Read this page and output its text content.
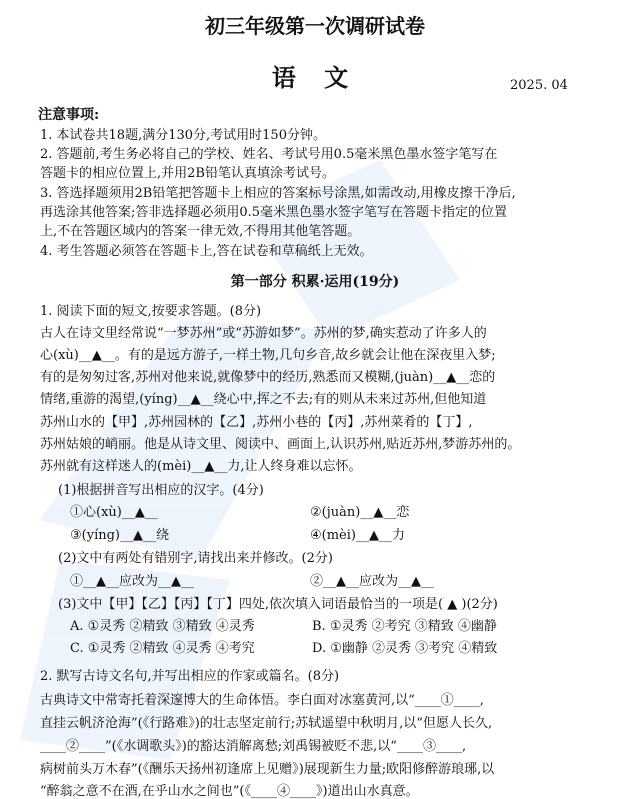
初三年级第一次调研试卷
语 文	2025. 04
注意事项:
1. 本试卷共18题,满分130分,考试用时150分钟。
2. 答题前,考生务必将自己的学校、姓名、考试号用0.5毫米黑色墨水签字笔写在
答题卡的相应位置上,并用2B铅笔认真填涂考试号。
3. 答选择题须用2B铅笔把答题卡上相应的答案标号涂黑,如需改动,用橡皮擦干净后,
再选涂其他答案;答非选择题必须用0.5毫米黑色墨水签字笔写在答题卡指定的位置
上,不在答题区域内的答案一律无效,不得用其他笔答题。
4. 考生答题必须答在答题卡上,答在试卷和草稿纸上无效。
第一部分 积累·运用(19分)
1. 阅读下面的短文,按要求答题。(8分)
古人在诗文里经常说“一梦苏州”或“苏游如梦”。苏州的梦,确实惹动了许多人的
心(xù)__▲__。有的是远方游子,一样土物,几句乡音,故乡就会让他在深夜里入梦;
有的是匆匆过客,苏州对他来说,就像梦中的经历,熟悉而又模糊,(juàn)__▲__恋的
情绪,重游的渴望,(yíng)__▲__绕心中,挥之不去;有的则从未来过苏州,但他知道
苏州山水的【甲】,苏州园林的【乙】,苏州小巷的【丙】,苏州菜肴的【丁】,
苏州姑娘的峭丽。他是从诗文里、阅读中、画面上,认识苏州,贴近苏州,梦游苏州的。
苏州就有这样迷人的(mèi)__▲__力,让人终身难以忘怀。
(1)根据拼音写出相应的汉字。(4分)
①心(xù)__▲__	②(juàn)__▲__恋
③(yíng)__▲__绕	④(mèi)__▲__力
(2)文中有两处有错别字,请找出来并修改。(2分)
①__▲__应改为__▲__	②__▲__应改为__▲__
(3)文中【甲】【乙】【丙】【丁】四处,依次填入词语最恰当的一项是( ▲ )(2分)
A. ①灵秀 ②精致 ③精致 ④灵秀	B. ①灵秀 ②考究 ③精致 ④幽静
C. ①灵秀 ②精致 ④灵秀 ④考究	D. ①幽静 ②灵秀 ③考究 ④精致
2. 默写古诗文名句,并写出相应的作家或篇名。(8分)
古典诗文中常寄托着深邃博大的生命体悟。李白面对冰塞黄河,以“____①____,
直挂云帆济沧海”(《行路难》)的壮志坚定前行;苏轼遥望中秋明月,以“但愿人长久,
____②____”(《水调歌头》)的豁达消解离愁;刘禹锡被贬不悲,以“____③____,
病树前头万木春”(《酬乐天扬州初逢席上见赠》)展现新生力量;欧阳修醉游琅琊,以
“醉翁之意不在酒,在乎山水之间也”(《____④____》)道出山水真意。
